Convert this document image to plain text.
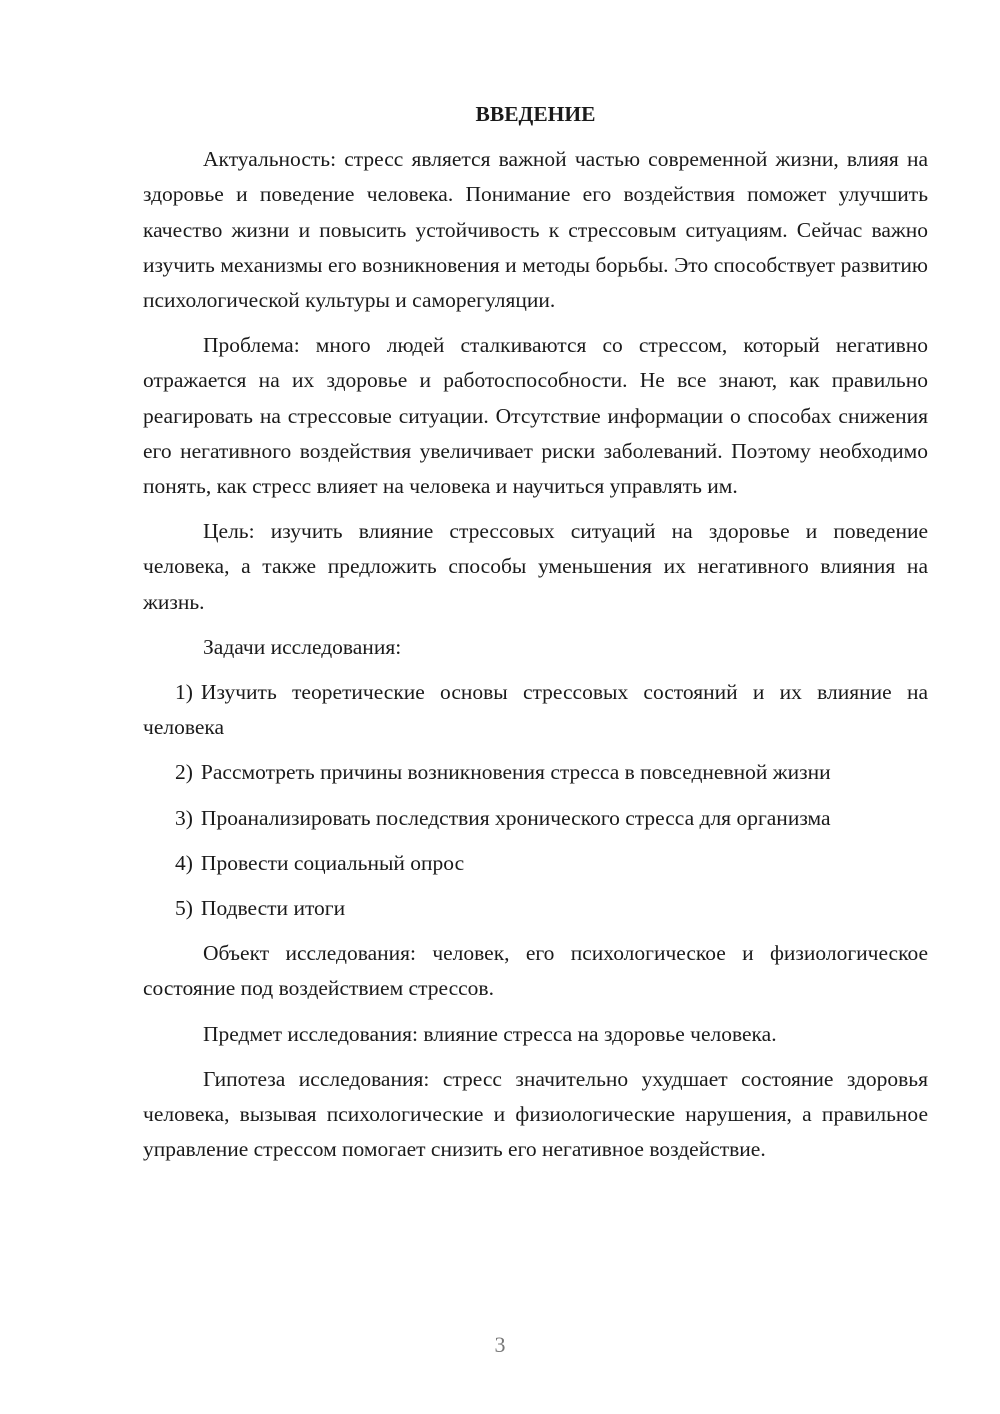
ВВЕДЕНИЕ

Актуальность: стресс является важной частью современной жизни, влияя на здоровье и поведение человека. Понимание его воздействия поможет улучшить качество жизни и повысить устойчивость к стрессовым ситуациям. Сейчас важно изучить механизмы его возникновения и методы борьбы. Это способствует развитию психологической культуры и саморегуляции.

Проблема: много людей сталкиваются со стрессом, который негативно отражается на их здоровье и работоспособности. Не все знают, как правильно реагировать на стрессовые ситуации. Отсутствие информации о способах снижения его негативного воздействия увеличивает риски заболеваний. Поэтому необходимо понять, как стресс влияет на человека и научиться управлять им.

Цель: изучить влияние стрессовых ситуаций на здоровье и поведение человека, а также предложить способы уменьшения их негативного влияния на жизнь.

Задачи исследования:

1) Изучить теоретические основы стрессовых состояний и их влияние на человека

2) Рассмотреть причины возникновения стресса в повседневной жизни

3) Проанализировать последствия хронического стресса для организма

4) Провести социальный опрос

5) Подвести итоги

Объект исследования: человек, его психологическое и физиологическое состояние под воздействием стрессов.

Предмет исследования: влияние стресса на здоровье человека.

Гипотеза исследования: стресс значительно ухудшает состояние здоровья человека, вызывая психологические и физиологические нарушения, а правильное управление стрессом помогает снизить его негативное воздействие.

3
